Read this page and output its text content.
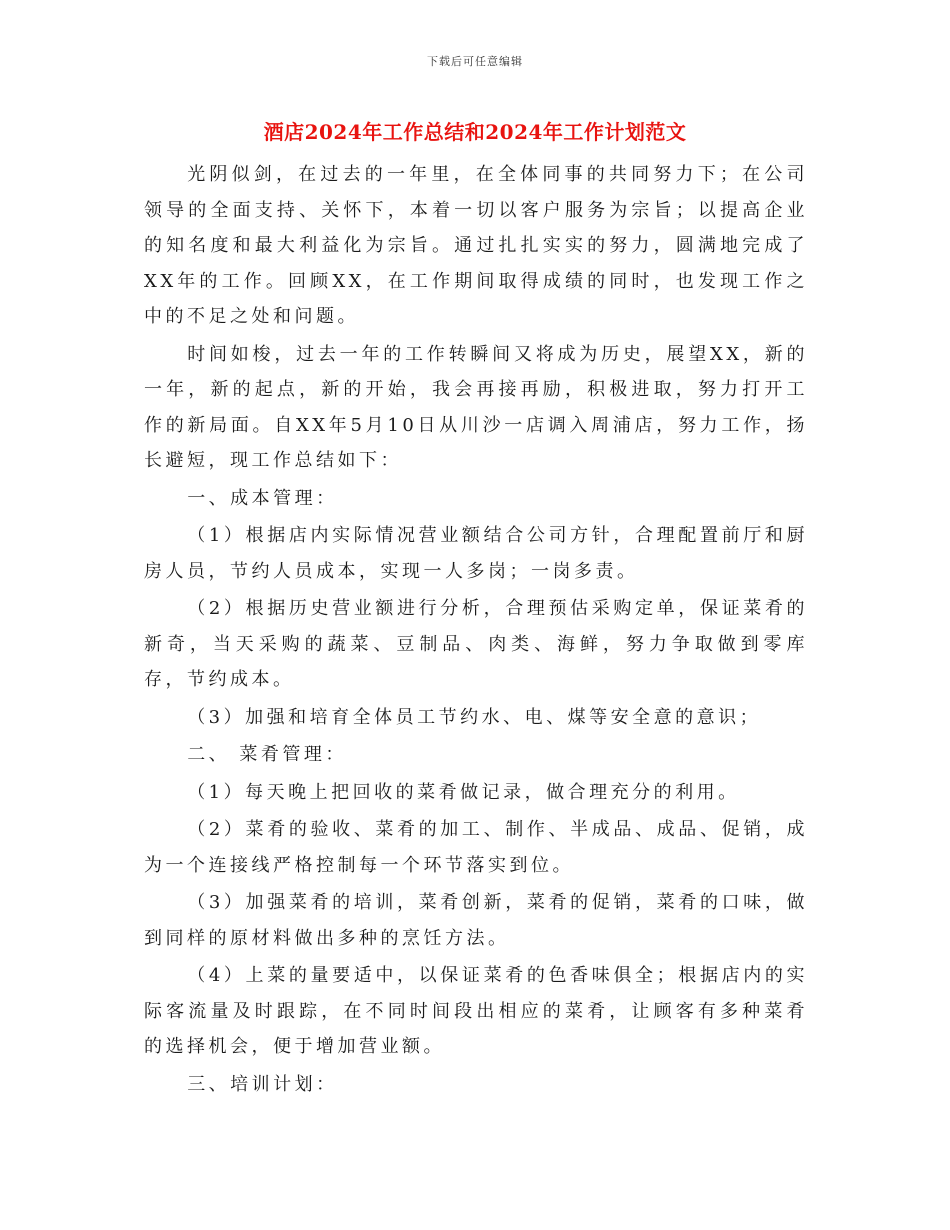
下载后可任意编辑
酒店2024年工作总结和2024年工作计划范文

光阴似剑，在过去的一年里，在全体同事的共同努力下；在公司领导的全面支持、关怀下，本着一切以客户服务为宗旨；以提高企业的知名度和最大利益化为宗旨。通过扎扎实实的努力，圆满地完成了XX年的工作。回顾XX，在工作期间取得成绩的同时，也发现工作之中的不足之处和问题。

时间如梭，过去一年的工作转瞬间又将成为历史，展望XX，新的一年，新的起点，新的开始，我会再接再励，积极进取，努力打开工作的新局面。自XX年5月10日从川沙一店调入周浦店，努力工作，扬长避短，现工作总结如下：

一、成本管理：

（1）根据店内实际情况营业额结合公司方针，合理配置前厅和厨房人员，节约人员成本，实现一人多岗；一岗多责。

（2）根据历史营业额进行分析，合理预估采购定单，保证菜肴的新奇，当天采购的蔬菜、豆制品、肉类、海鲜，努力争取做到零库存，节约成本。

（3）加强和培育全体员工节约水、电、煤等安全意的意识；

二、 菜肴管理：

（1）每天晚上把回收的菜肴做记录，做合理充分的利用。

（2）菜肴的验收、菜肴的加工、制作、半成品、成品、促销，成为一个连接线严格控制每一个环节落实到位。

（3）加强菜肴的培训，菜肴创新，菜肴的促销，菜肴的口味，做到同样的原材料做出多种的烹饪方法。

（4）上菜的量要适中，以保证菜肴的色香味俱全；根据店内的实际客流量及时跟踪，在不同时间段出相应的菜肴，让顾客有多种菜肴的选择机会，便于增加营业额。

三、培训计划：
